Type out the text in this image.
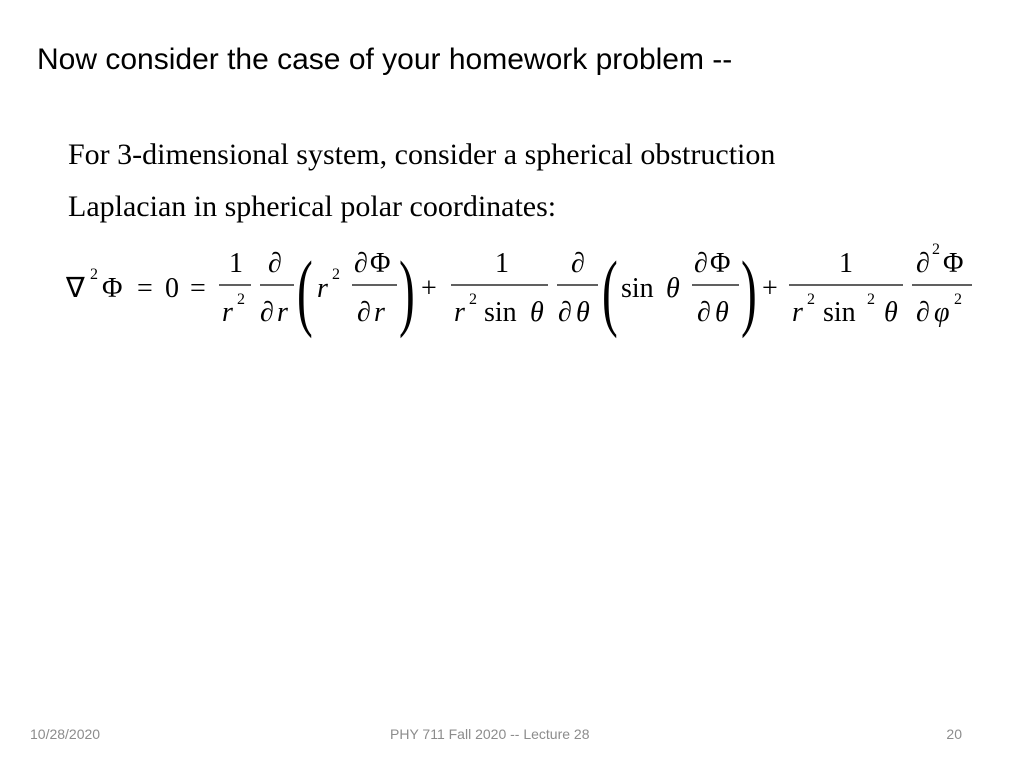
Now consider the case of your homework problem --
For 3-dimensional system, consider a spherical obstruction
Laplacian in spherical polar coordinates:
∇ 2 Φ = 0 =
1
r 2
∂
∂ r ( r 2 ∂ Φ
∂ r ) +
1
r 2 sin θ
∂
∂ θ ( sin θ
∂ Φ
∂ θ ) +
1
r 2 sin 2 θ
∂ 2 Φ
∂ φ 2
10/28/2020	PHY 711 Fall 2020 -- Lecture 28	20
